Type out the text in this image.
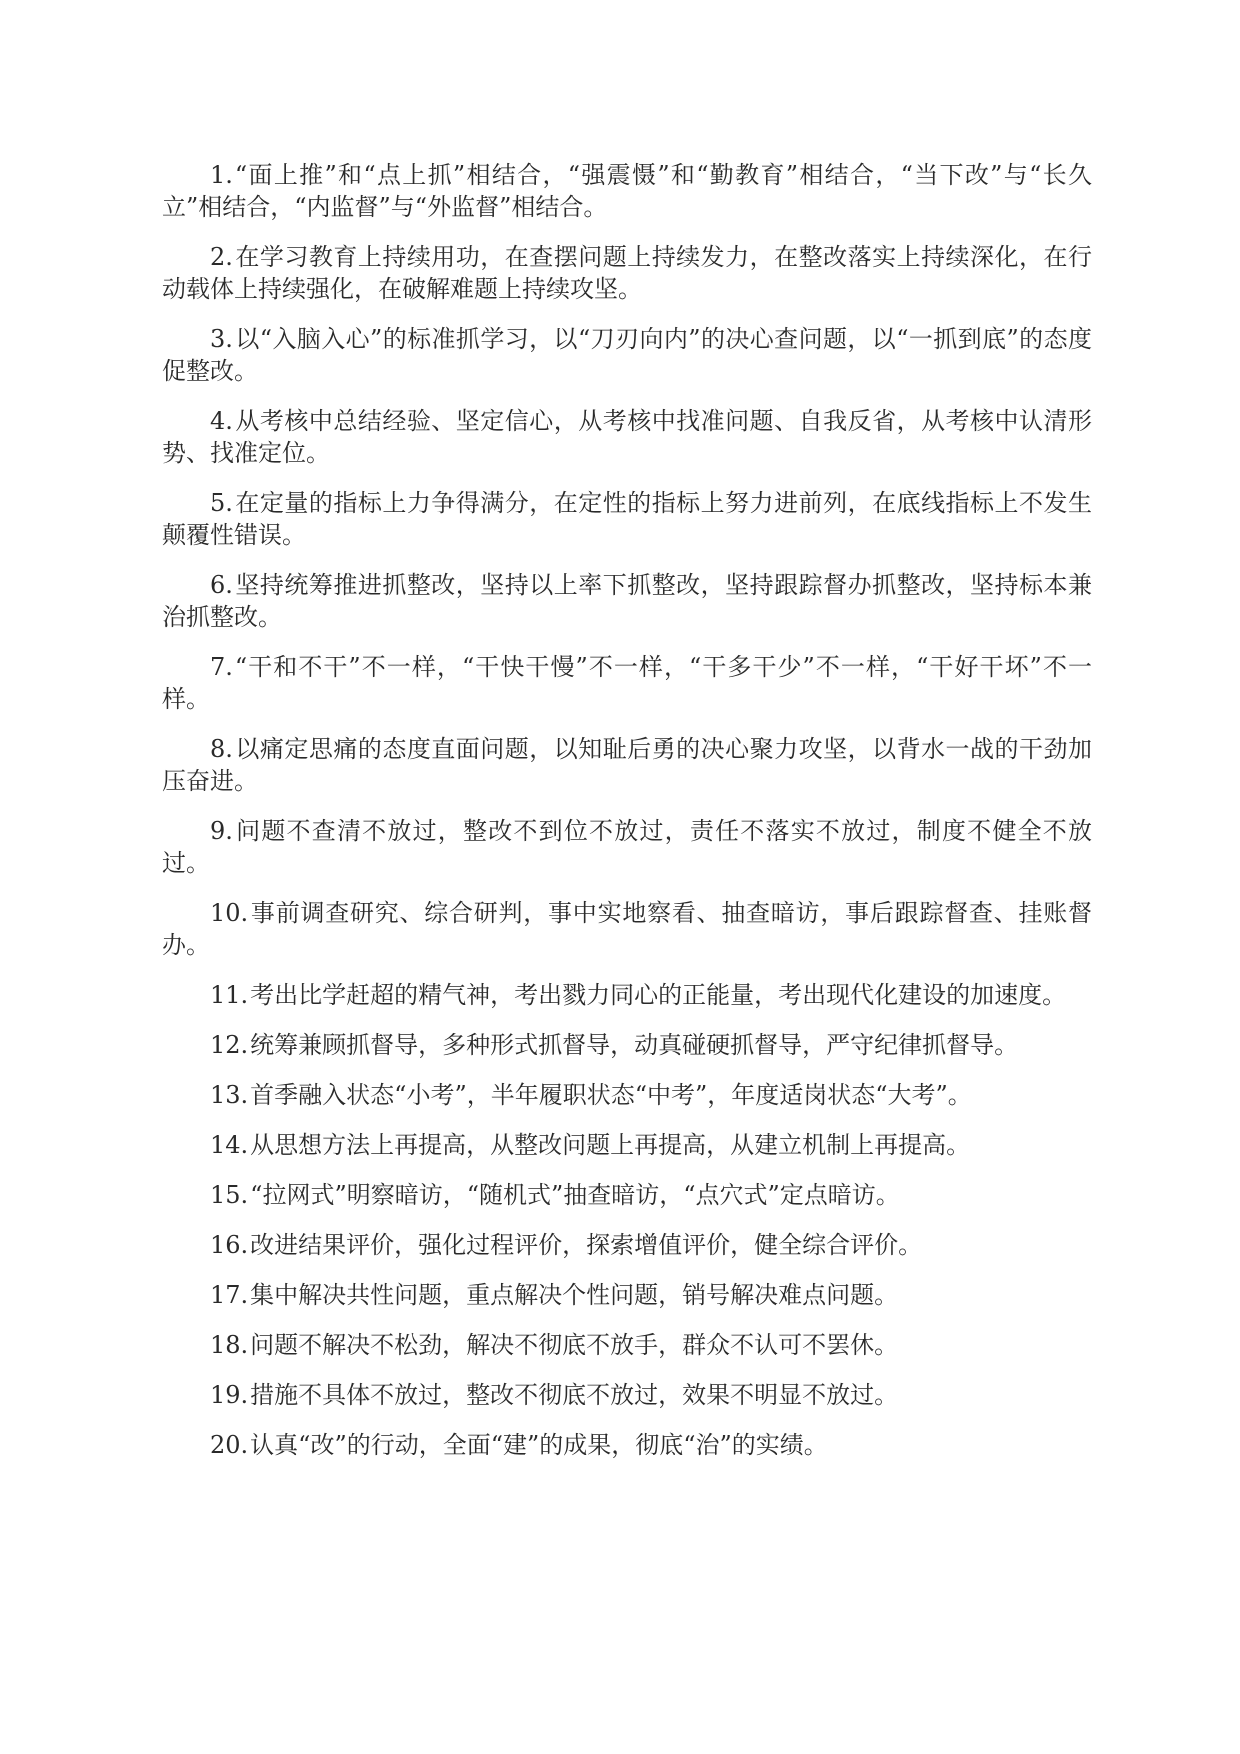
1.“面上推”和“点上抓”相结合，“强震慑”和“勤教育”相结合，“当下改”与“长久立”相结合，“内监督”与“外监督”相结合。

2.在学习教育上持续用功，在查摆问题上持续发力，在整改落实上持续深化，在行动载体上持续强化，在破解难题上持续攻坚。

3.以“入脑入心”的标准抓学习，以“刀刃向内”的决心查问题，以“一抓到底”的态度促整改。

4.从考核中总结经验、坚定信心，从考核中找准问题、自我反省，从考核中认清形势、找准定位。

5.在定量的指标上力争得满分，在定性的指标上努力进前列，在底线指标上不发生颠覆性错误。

6.坚持统筹推进抓整改，坚持以上率下抓整改，坚持跟踪督办抓整改，坚持标本兼治抓整改。

7.“干和不干”不一样，“干快干慢”不一样，“干多干少”不一样，“干好干坏”不一样。

8.以痛定思痛的态度直面问题，以知耻后勇的决心聚力攻坚，以背水一战的干劲加压奋进。

9.问题不查清不放过，整改不到位不放过，责任不落实不放过，制度不健全不放过。

10.事前调查研究、综合研判，事中实地察看、抽查暗访，事后跟踪督查、挂账督办。

11.考出比学赶超的精气神，考出戮力同心的正能量，考出现代化建设的加速度。

12.统筹兼顾抓督导，多种形式抓督导，动真碰硬抓督导，严守纪律抓督导。

13.首季融入状态“小考”，半年履职状态“中考”，年度适岗状态“大考”。

14.从思想方法上再提高，从整改问题上再提高，从建立机制上再提高。

15.“拉网式”明察暗访，“随机式”抽查暗访，“点穴式”定点暗访。

16.改进结果评价，强化过程评价，探索增值评价，健全综合评价。

17.集中解决共性问题，重点解决个性问题，销号解决难点问题。

18.问题不解决不松劲，解决不彻底不放手，群众不认可不罢休。

19.措施不具体不放过，整改不彻底不放过，效果不明显不放过。

20.认真“改”的行动，全面“建”的成果，彻底“治”的实绩。
